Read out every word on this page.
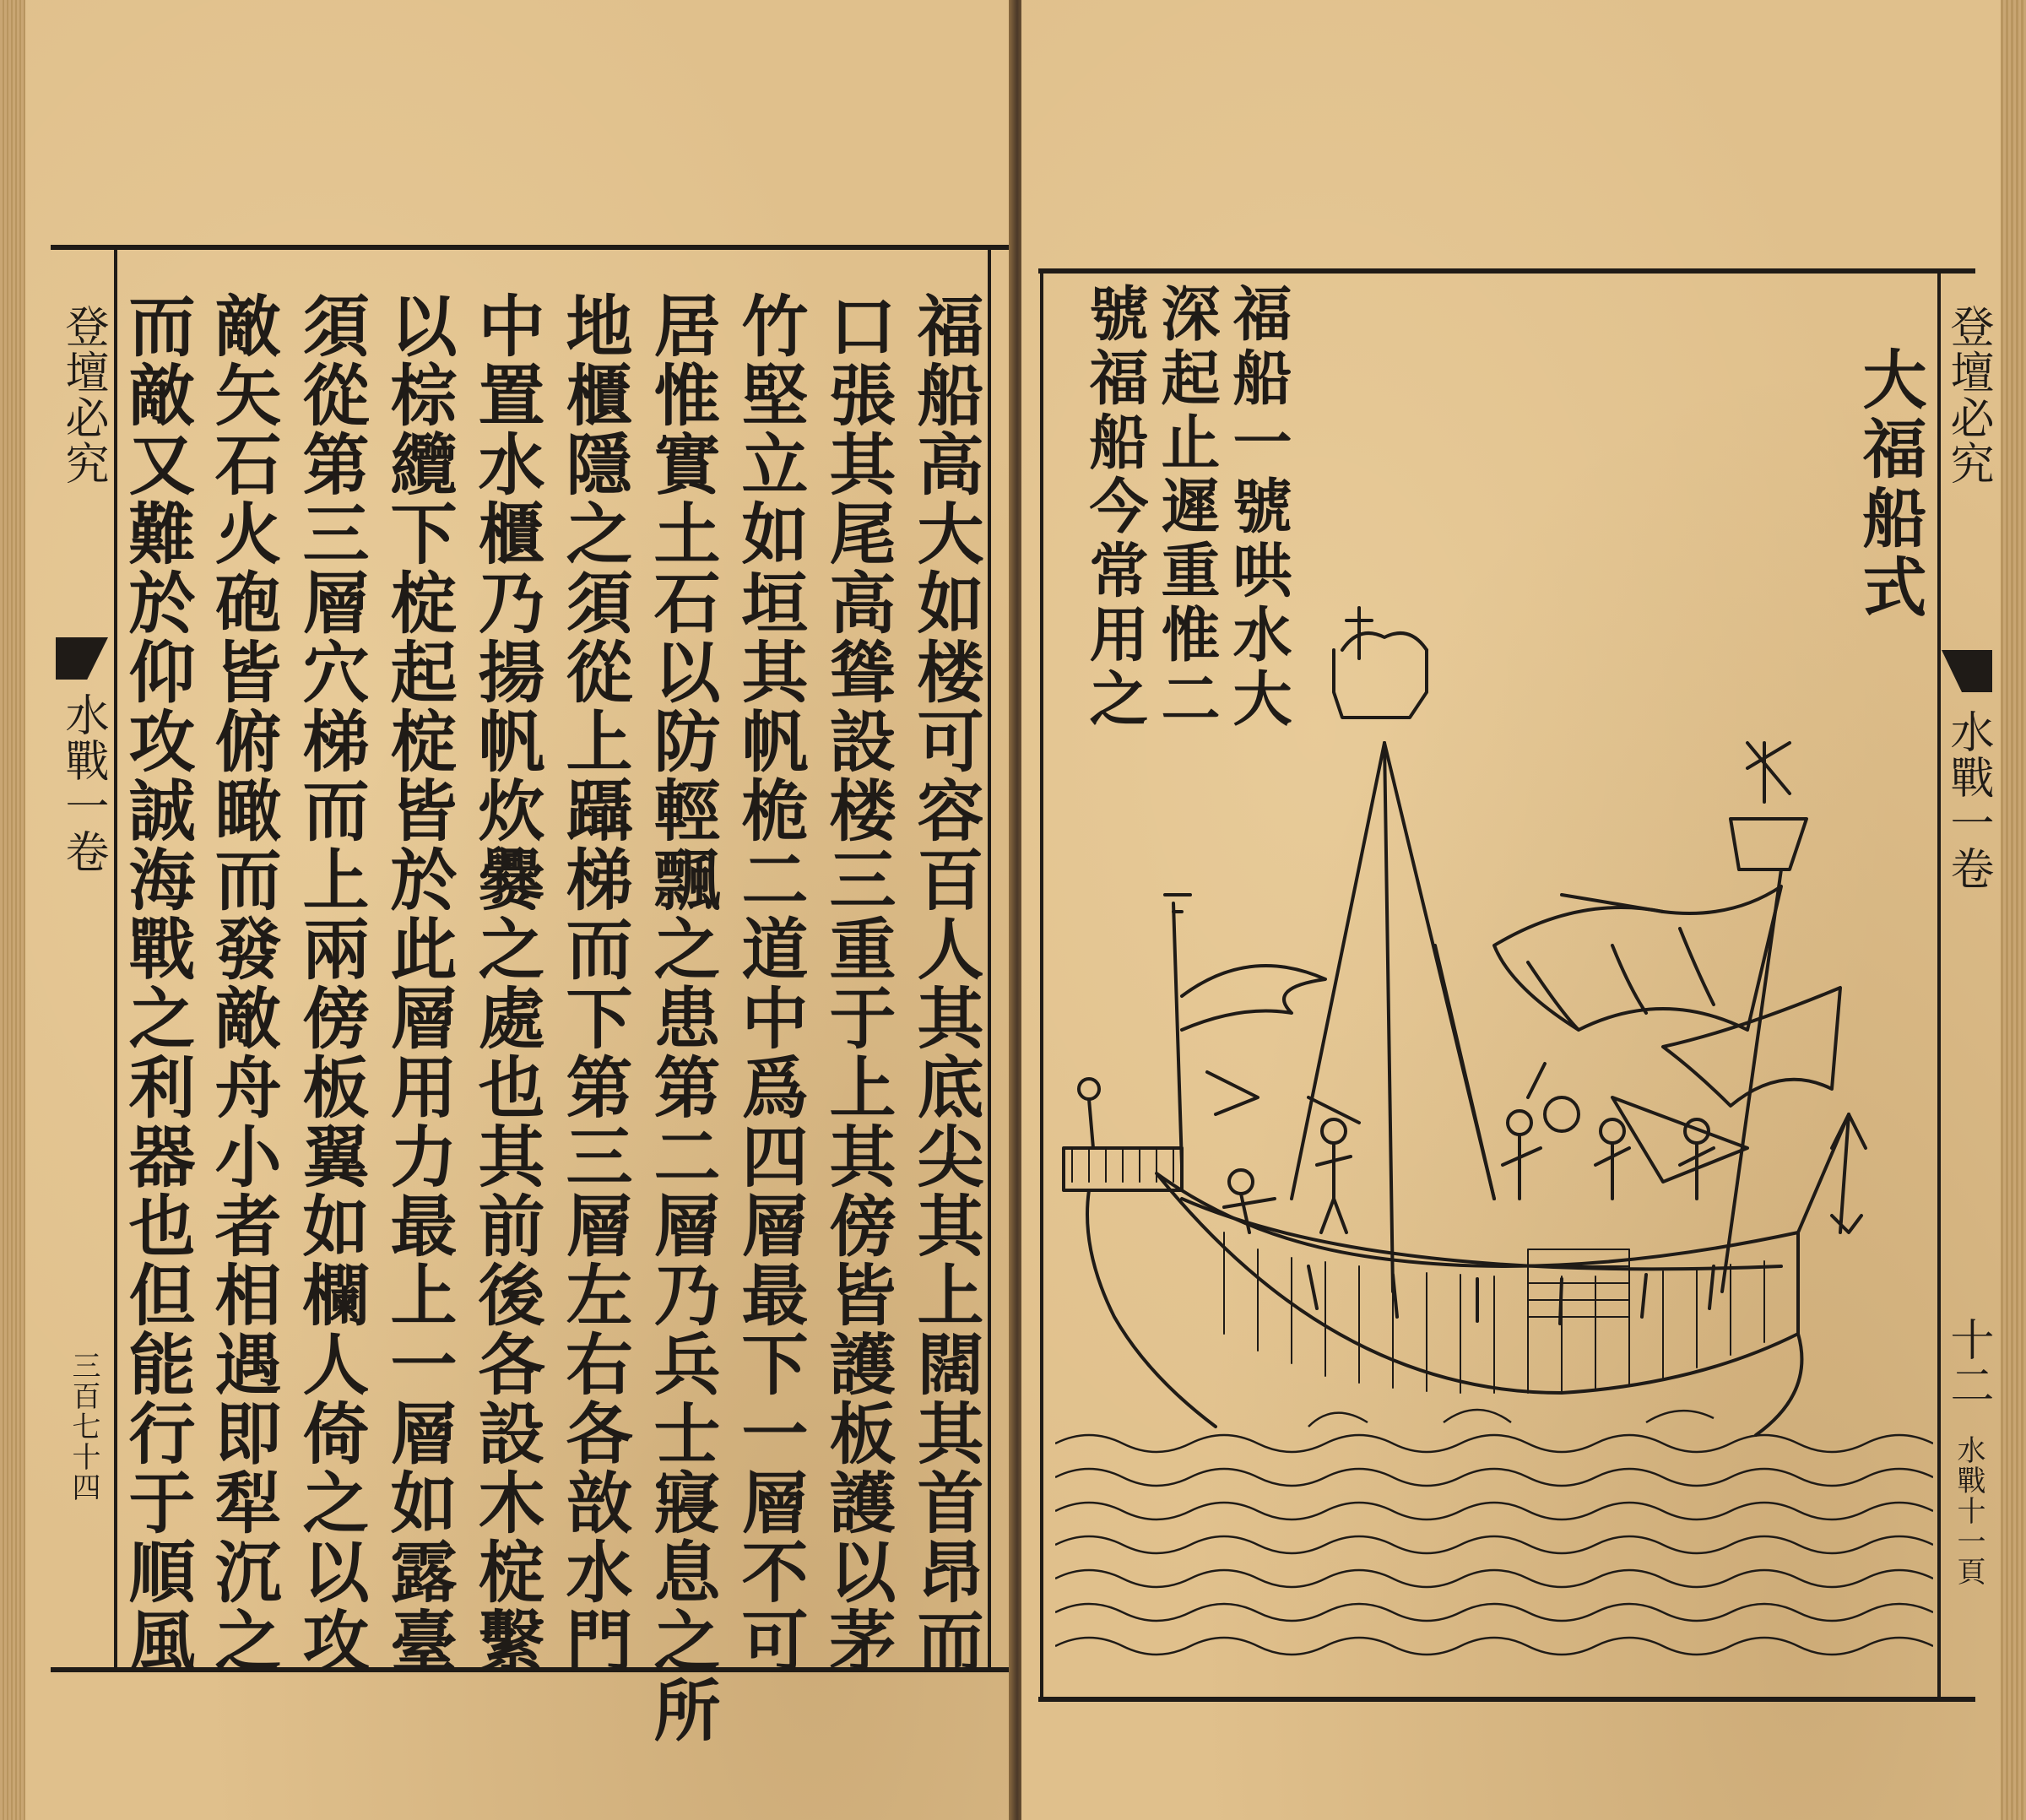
福船高大如楼可容百人其底尖其上闊其首昂而
口張其尾高聳設楼三重于上其傍皆護板護以茅
竹堅立如垣其帆桅二道中爲四層最下一層不可
居惟實土石以防輕飄之患第二層乃兵士寢息之所
地櫃隱之須從上躡梯而下第三層左右各敨水門
中置水櫃乃揚帆炊爨之處也其前後各設木椗繫
以棕纜下椗起椗皆於此層用力最上一層如露臺
須從第三層穴梯而上兩傍板翼如欄人倚之以攻
敵矢石火砲皆俯瞰而發敵舟小者相遇即犁沉之
而敵又難於仰攻誠海戰之利器也但能行于順風
登壇必究
水戰一卷
三百七十四
福船一號哄水大
深起止遲重惟二
號福船今常用之	大福船式 登壇必究
水戰一卷
十二
水戰十一頁
